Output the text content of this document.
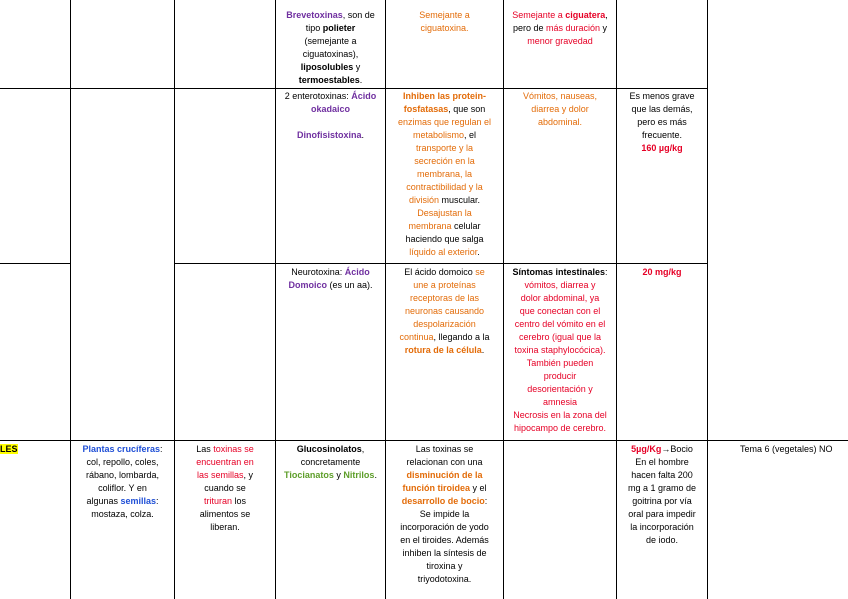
Brevetoxinas, son de
tipo polieter
(semejante a
ciguatoxinas),
liposolubles y
termoestables.
Semejante a
ciguatoxina.
Semejante a ciguatera,
pero de más duración y
menor gravedad
2 enterotoxinas: Ácido
okadaico
Dinofisistoxina.
Inhiben las protein-
fosfatasas, que son
enzimas que regulan el
metabolismo, el
transporte y la
secreción en la
membrana, la
contractibilidad y la
división muscular.
Desajustan la
membrana celular
haciendo que salga
líquido al exterior.
Vómitos, nauseas,
diarrea y dolor
abdominal.
Es menos grave
que las demás,
pero es más
frecuente.
160 µg/kg
Neurotoxina: Ácido
Domoico (es un aa).
El ácido domoico se
une a proteínas
receptoras de las
neuronas causando
despolarización
continua, llegando a la
rotura de la célula.
Síntomas intestinales:
vómitos, diarrea y
dolor abdominal, ya
que conectan con el
centro del vómito en el
cerebro (igual que la
toxina staphylocócica).
También pueden
producir
desorientación y
amnesia
Necrosis en la zona del
hipocampo de cerebro.
20 mg/kg
LES	Plantas crucíferas:
col, repollo, coles,
rábano, lombarda,
coliflor. Y en
algunas semillas:
mostaza, colza.
Las toxinas se
encuentran en
las semillas, y
cuando se
trituran los
alimentos se
liberan.
Glucosinolatos,
concretamente
Tiocianatos y Nitrilos.
Las toxinas se
relacionan con una
disminución de la
función tiroidea y el
desarrollo de bocio:
Se impide la
incorporación de yodo
en el tiroides. Además
inhiben la síntesis de
tiroxina y
triyodotoxina.
5µg/Kg→Bocio
En el hombre
hacen falta 200
mg a 1 gramo de
goitrina por vía
oral para impedir
la incorporación
de iodo.
Tema 6 (vegetales) NO
